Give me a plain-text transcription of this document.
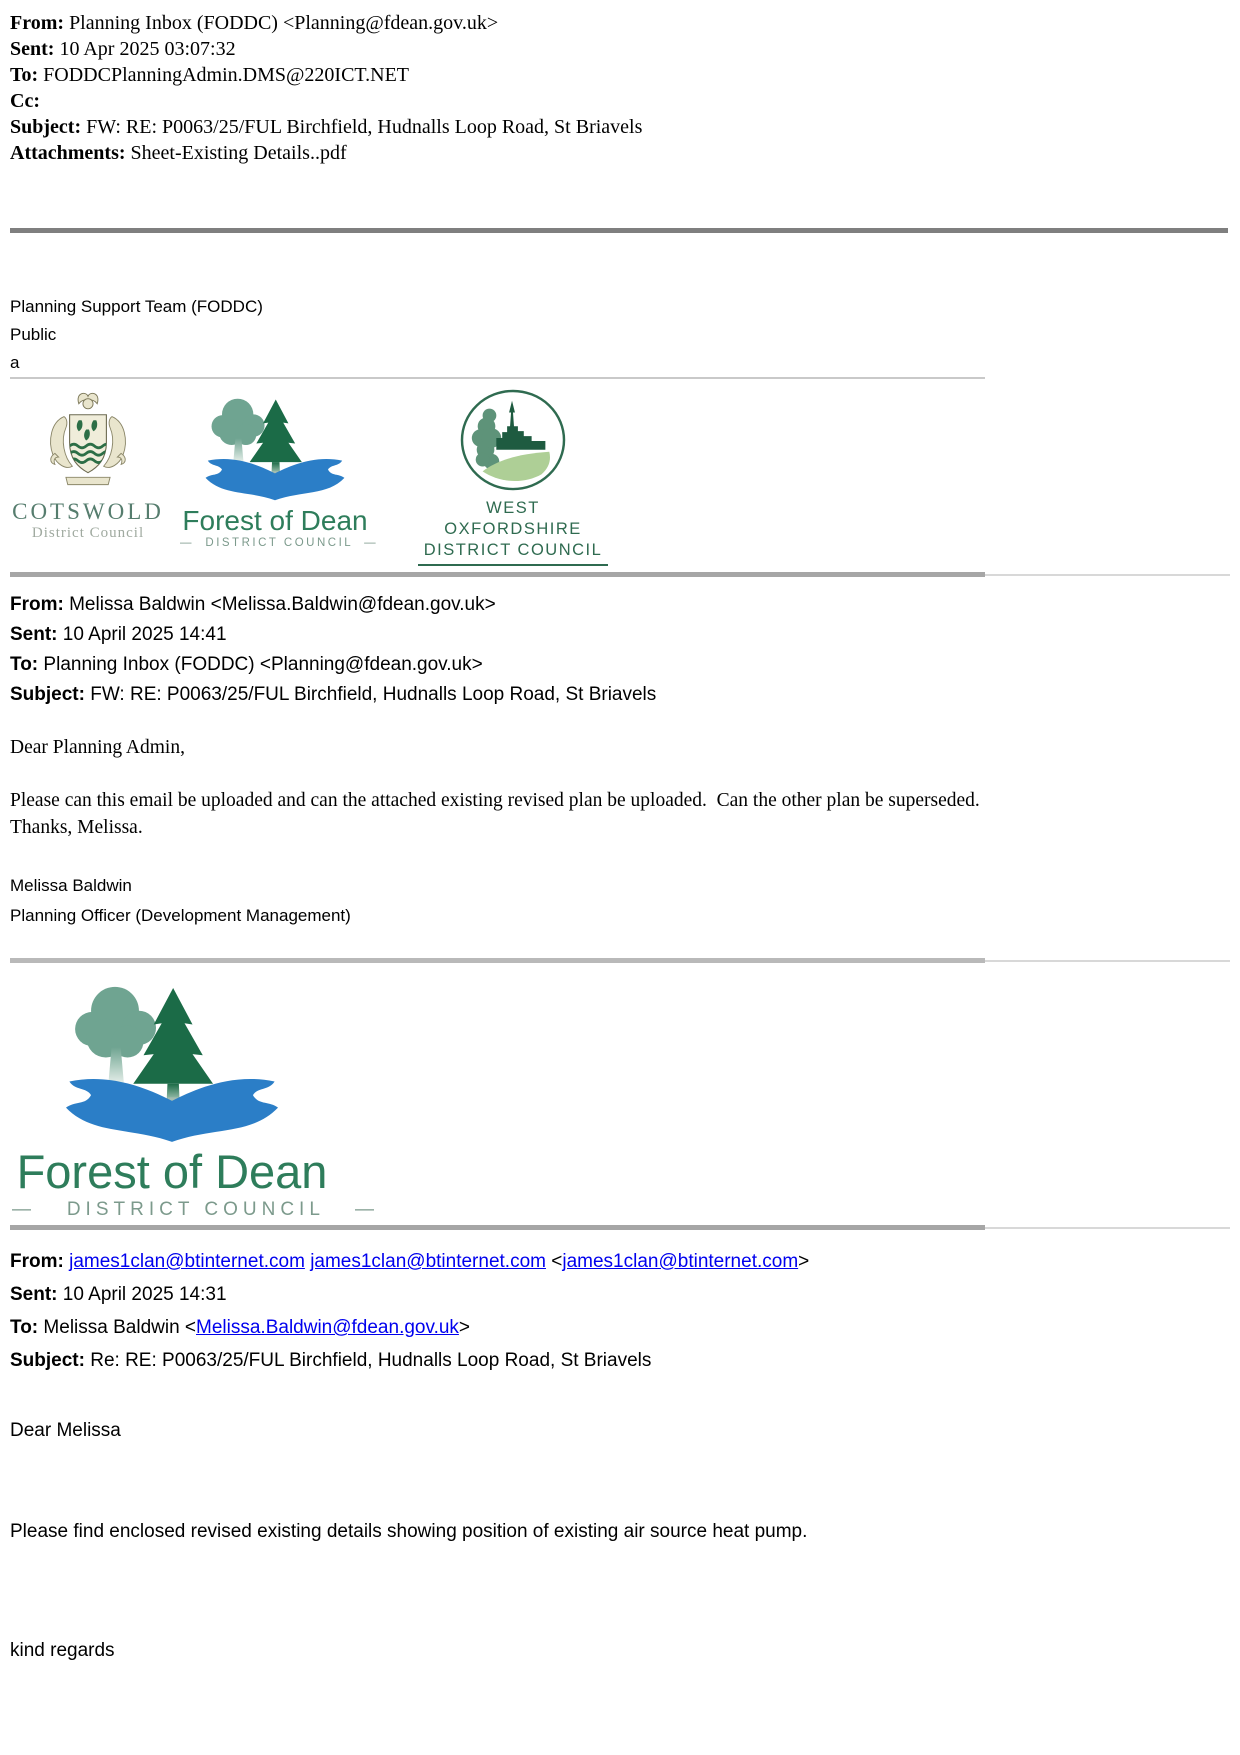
From: Planning Inbox (FODDC) <Planning@fdean.gov.uk>
Sent: 10 Apr 2025 03:07:32
To: FODDCPlanningAdmin.DMS@220ICT.NET
Cc:
Subject: FW: RE: P0063/25/FUL Birchfield, Hudnalls Loop Road, St Briavels
Attachments: Sheet-Existing Details..pdf
Planning Support Team (FODDC)
Public
a
COTSWOLD
District Council	Forest of Dean
—  DISTRICT COUNCIL  —

WEST OXFORDSHIRE
DISTRICT COUNCIL
From: Melissa Baldwin <Melissa.Baldwin@fdean.gov.uk>
Sent: 10 April 2025 14:41
To: Planning Inbox (FODDC) <Planning@fdean.gov.uk>
Subject: FW: RE: P0063/25/FUL Birchfield, Hudnalls Loop Road, St Briavels
Dear Planning Admin,
Please can this email be uploaded and can the attached existing revised plan be uploaded.  Can the other plan be superseded.
Thanks, Melissa.
Melissa Baldwin
Planning Officer (Development Management)
Forest of Dean
—   DISTRICT COUNCIL   —
From: james1clan@btinternet.com james1clan@btinternet.com <james1clan@btinternet.com>
Sent: 10 April 2025 14:31
To: Melissa Baldwin <Melissa.Baldwin@fdean.gov.uk>
Subject: Re: RE: P0063/25/FUL Birchfield, Hudnalls Loop Road, St Briavels
Dear Melissa
Please find enclosed revised existing details showing position of existing air source heat pump.
kind regards
